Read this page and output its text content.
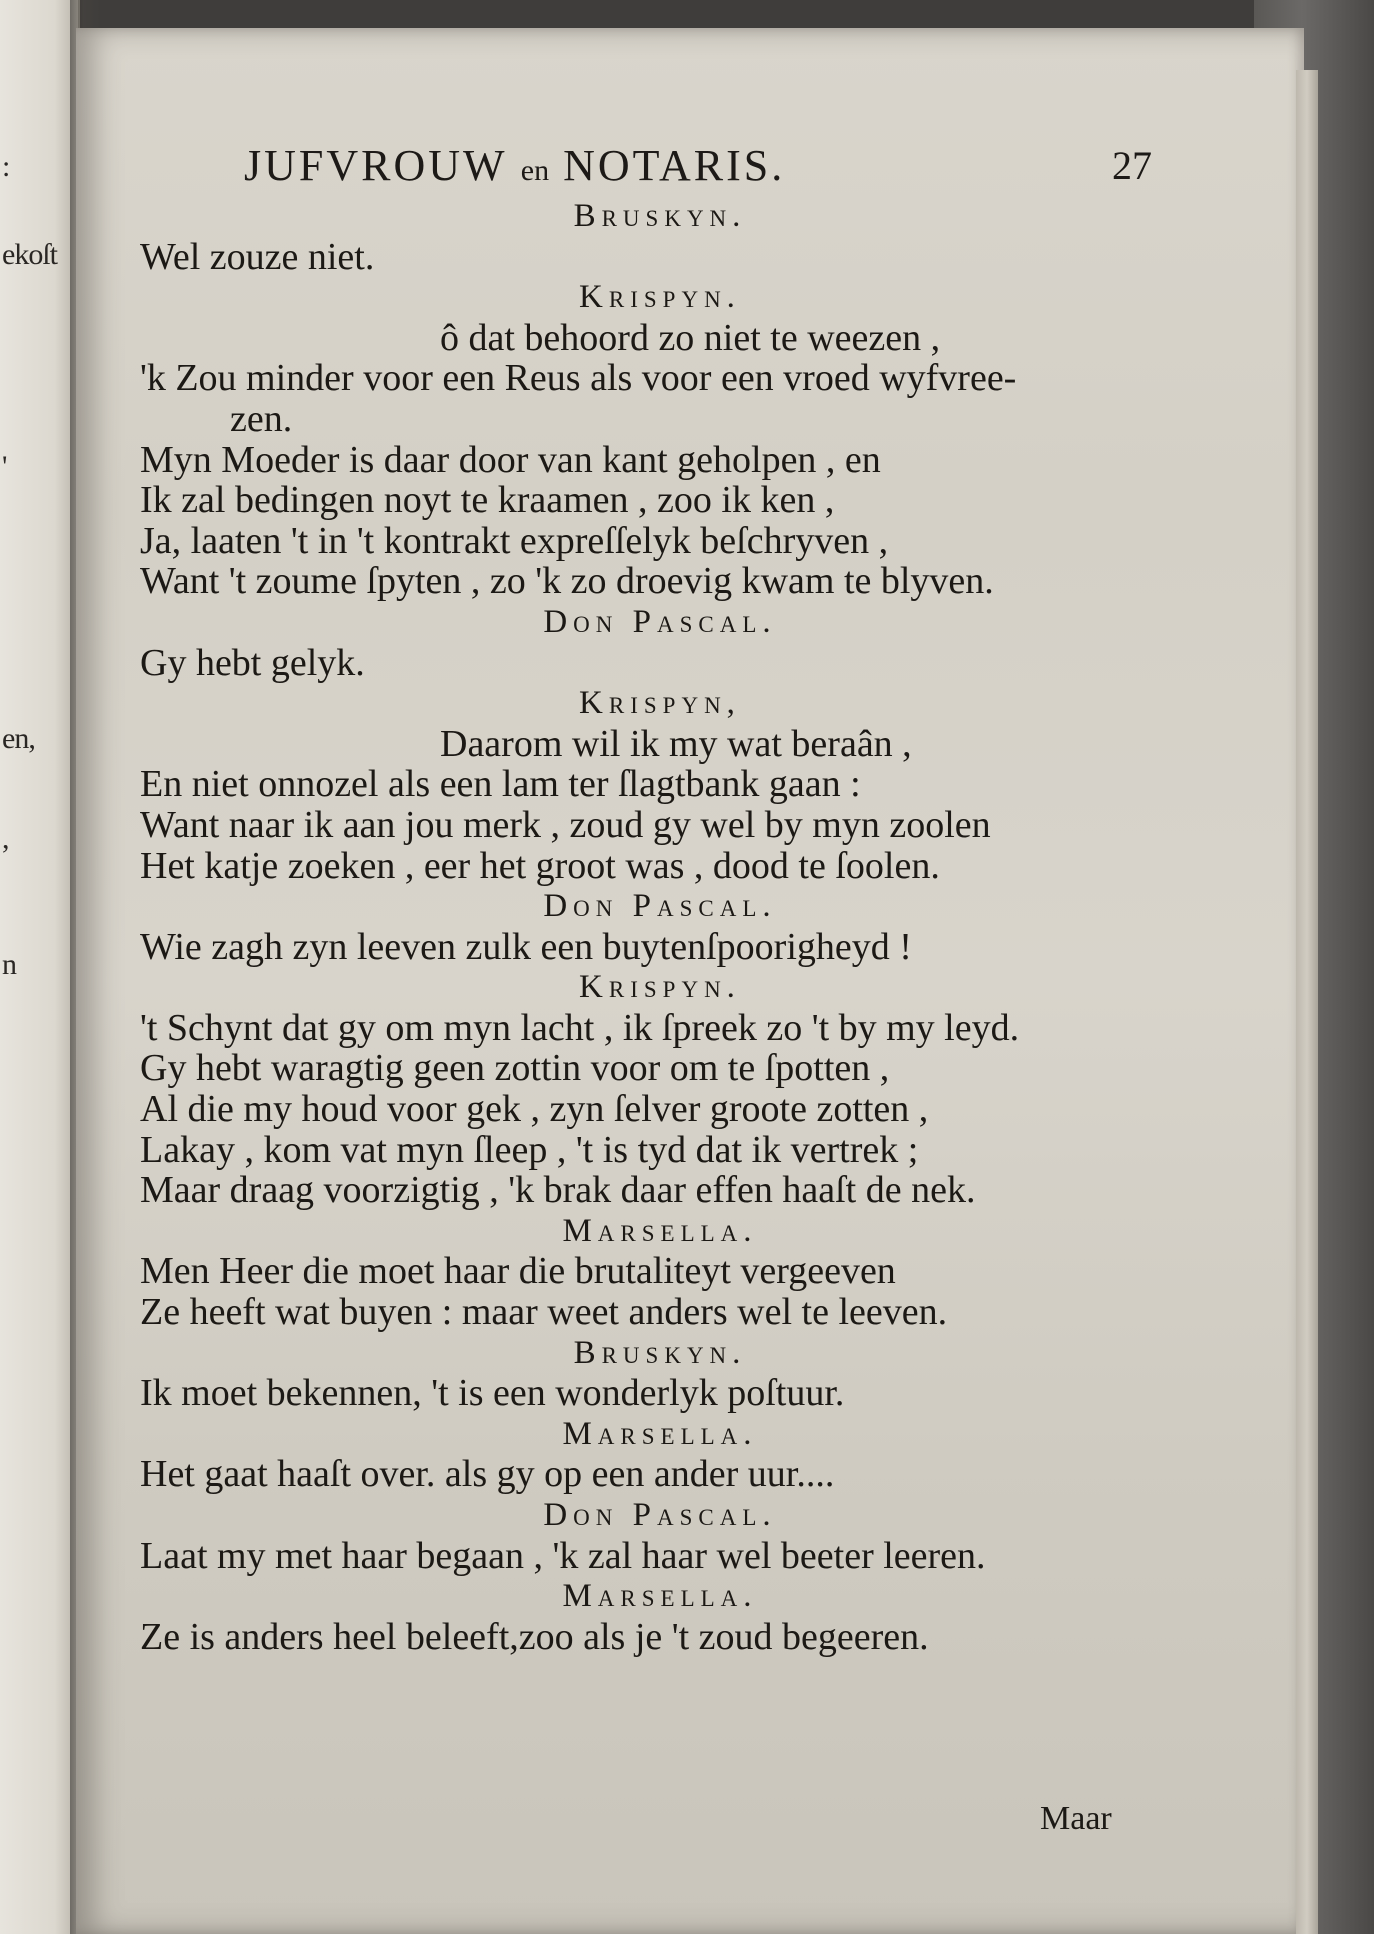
:
ekoſt
en,
,
n
'
JUFVROUW en NOTARIS.	27
Bruskyn.
Wel zouze niet.
Krispyn.
ô dat behoord zo niet te weezen ,
'k Zou minder voor een Reus als voor een vroed wyfvree-
zen.
Myn Moeder is daar door van kant geholpen , en
Ik zal bedingen noyt te kraamen , zoo ik ken ,
Ja, laaten 't in 't kontrakt expreſſelyk beſchryven ,
Want 't zoume ſpyten , zo 'k zo droevig kwam te blyven.
Don Pascal.
Gy hebt gelyk.
Krispyn,
Daarom wil ik my wat beraân ,
En niet onnozel als een lam ter ſlagtbank gaan :
Want naar ik aan jou merk , zoud gy wel by myn zoolen
Het katje zoeken , eer het groot was , dood te ſoolen.
Don Pascal.
Wie zagh zyn leeven zulk een buytenſpoorigheyd !
Krispyn.
't Schynt dat gy om myn lacht , ik ſpreek zo 't by my leyd.
Gy hebt waragtig geen zottin voor om te ſpotten ,
Al die my houd voor gek , zyn ſelver groote zotten ,
Lakay , kom vat myn ſleep , 't is tyd dat ik vertrek ;
Maar draag voorzigtig , 'k brak daar effen haaſt de nek.
Marsella.
Men Heer die moet haar die brutaliteyt vergeeven
Ze heeft wat buyen : maar weet anders wel te leeven.
Bruskyn.
Ik moet bekennen, 't is een wonderlyk poſtuur.
Marsella.
Het gaat haaſt over. als gy op een ander uur....
Don Pascal.
Laat my met haar begaan , 'k zal haar wel beeter leeren.
Marsella.
Ze is anders heel beleeft,zoo als je 't zoud begeeren.
Maar
